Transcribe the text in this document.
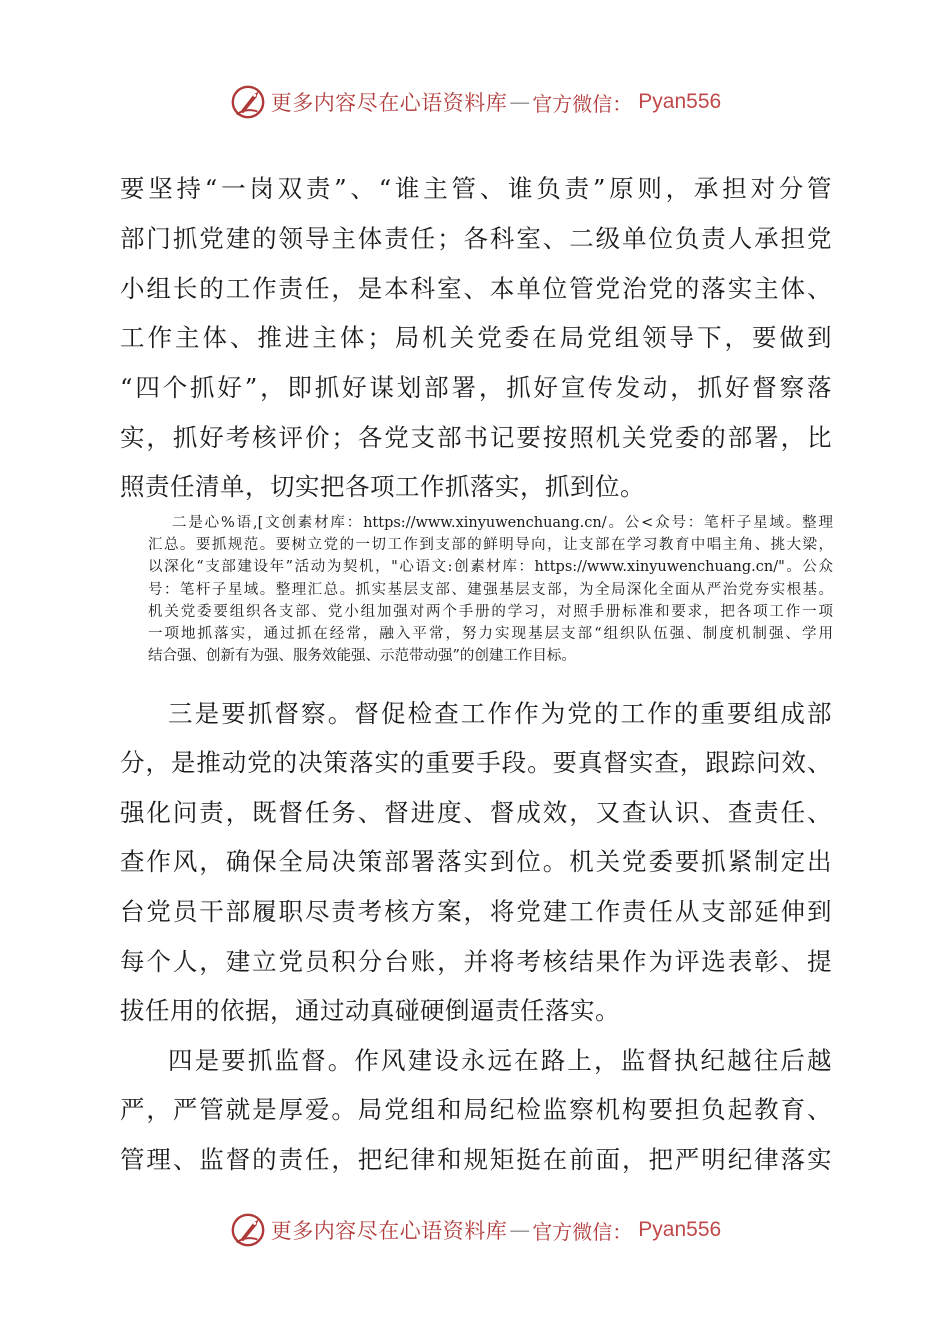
更多内容尽在心语资料库 — 官方微信： Pyan556
要坚持“一岗双责”、“谁主管、谁负责”原则，承担对分管
部门抓党建的领导主体责任；各科室、二级单位负责人承担党
小组长的工作责任，是本科室、本单位管党治党的落实主体、
工作主体、推进主体；局机关党委在局党组领导下，要做到
“四个抓好”，即抓好谋划部署，抓好宣传发动，抓好督察落
实，抓好考核评价；各党支部书记要按照机关党委的部署，比
照责任清单，切实把各项工作抓落实，抓到位。
二是心%语,[文创素材库：https://www.xinyuwenchuang.cn/。公<众号：笔杆子星域。整理
汇总。要抓规范。要树立党的一切工作到支部的鲜明导向，让支部在学习教育中唱主角、挑大梁，
以深化“支部建设年”活动为契机，"心语文:创素材库：https://www.xinyuwenchuang.cn/"。公众
号：笔杆子星域。整理汇总。抓实基层支部、建强基层支部，为全局深化全面从严治党夯实根基。
机关党委要组织各支部、党小组加强对两个手册的学习，对照手册标准和要求，把各项工作一项
一项地抓落实，通过抓在经常，融入平常，努力实现基层支部“组织队伍强、制度机制强、学用
结合强、创新有为强、服务效能强、示范带动强”的创建工作目标。
三是要抓督察。督促检查工作作为党的工作的重要组成部
分，是推动党的决策落实的重要手段。要真督实查，跟踪问效、
强化问责，既督任务、督进度、督成效，又查认识、查责任、
查作风，确保全局决策部署落实到位。机关党委要抓紧制定出
台党员干部履职尽责考核方案，将党建工作责任从支部延伸到
每个人，建立党员积分台账，并将考核结果作为评选表彰、提
拔任用的依据，通过动真碰硬倒逼责任落实。
四是要抓监督。作风建设永远在路上，监督执纪越往后越
严，严管就是厚爱。局党组和局纪检监察机构要担负起教育、
管理、监督的责任，把纪律和规矩挺在前面，把严明纪律落实
更多内容尽在心语资料库 — 官方微信： Pyan556
